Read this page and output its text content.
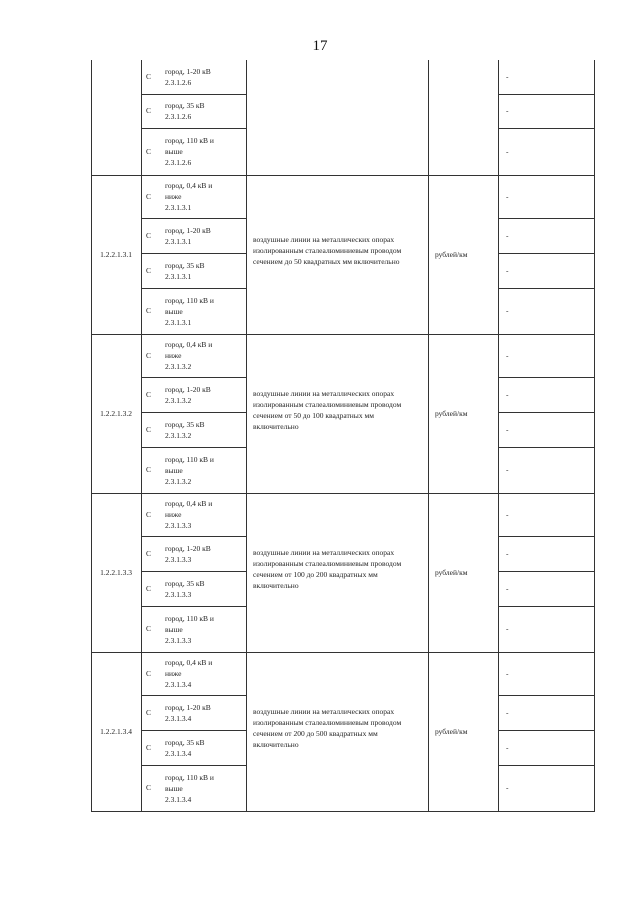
17
С
город, 1-20 кВ
2.3.1.2.6
-
С
город, 35 кВ
2.3.1.2.6
-
С
город, 110 кВ и
выше
2.3.1.2.6
-
1.2.2.1.3.1
воздушные линии на металлических опорах
изолированным сталеалюминиевым проводом
сечением до 50 квадратных мм включительно
рублей/км
С
город, 0,4 кВ и
ниже
2.3.1.3.1
-
С
город, 1-20 кВ
2.3.1.3.1
-
С
город, 35 кВ
2.3.1.3.1
-
С
город, 110 кВ и
выше
2.3.1.3.1
-
1.2.2.1.3.2
воздушные линии на металлических опорах
изолированным сталеалюминиевым проводом
сечением от 50 до 100 квадратных мм
включительно
рублей/км
С
город, 0,4 кВ и
ниже
2.3.1.3.2
-
С
город, 1-20 кВ
2.3.1.3.2
-
С
город, 35 кВ
2.3.1.3.2
-
С
город, 110 кВ и
выше
2.3.1.3.2
-
1.2.2.1.3.3
воздушные линии на металлических опорах
изолированным сталеалюминиевым проводом
сечением от 100 до 200 квадратных мм
включительно
рублей/км
С
город, 0,4 кВ и
ниже
2.3.1.3.3
-
С
город, 1-20 кВ
2.3.1.3.3
-
С
город, 35 кВ
2.3.1.3.3
-
С
город, 110 кВ и
выше
2.3.1.3.3
-
1.2.2.1.3.4
воздушные линии на металлических опорах
изолированным сталеалюминиевым проводом
сечением от 200 до 500 квадратных мм
включительно
рублей/км
С
город, 0,4 кВ и
ниже
2.3.1.3.4
-
С
город, 1-20 кВ
2.3.1.3.4
-
С
город, 35 кВ
2.3.1.3.4
-
С
город, 110 кВ и
выше
2.3.1.3.4
-
